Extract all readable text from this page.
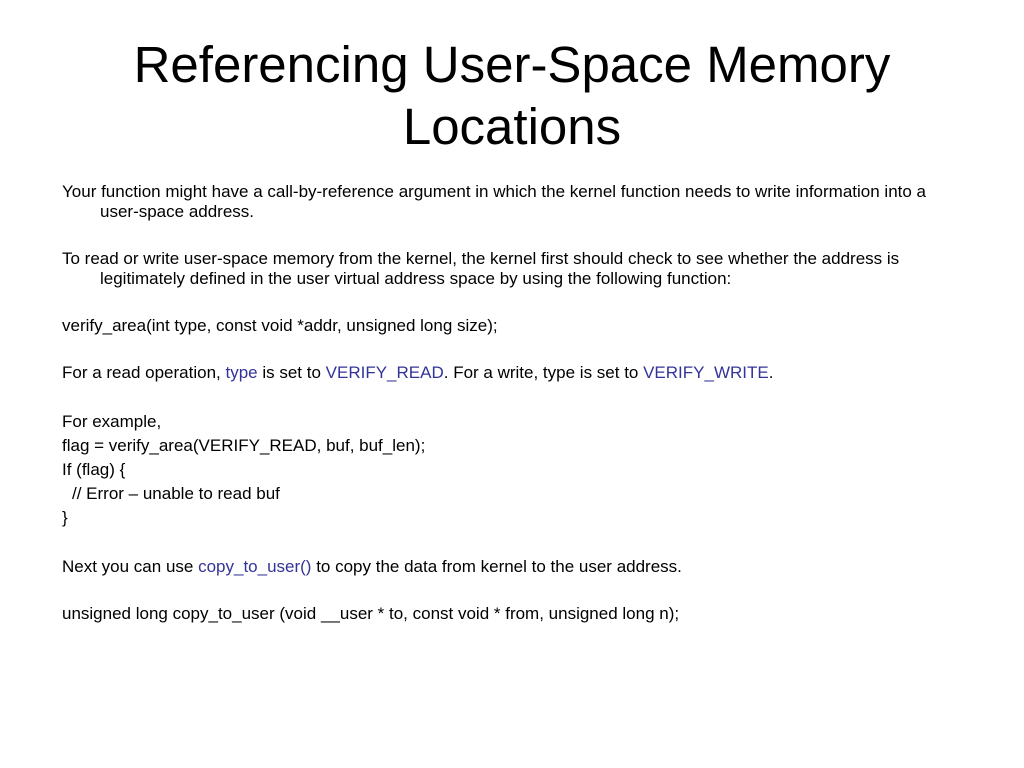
Referencing User-Space Memory
Locations

Your function might have a call-by-reference argument in which the kernel function needs to write information into a user-space address.

To read or write user-space memory from the kernel, the kernel first should check to see whether the address is legitimately defined in the user virtual address space by using the following function:

verify_area(int type, const void *addr, unsigned long size);

For a read operation, type is set to VERIFY_READ. For a write, type is set to VERIFY_WRITE.

For example,

flag = verify_area(VERIFY_READ, buf, buf_len);

If (flag) {

// Error – unable to read buf

}

Next you can use copy_to_user() to copy the data from kernel to the user address.

unsigned long copy_to_user (void __user * to, const void * from, unsigned long n);
